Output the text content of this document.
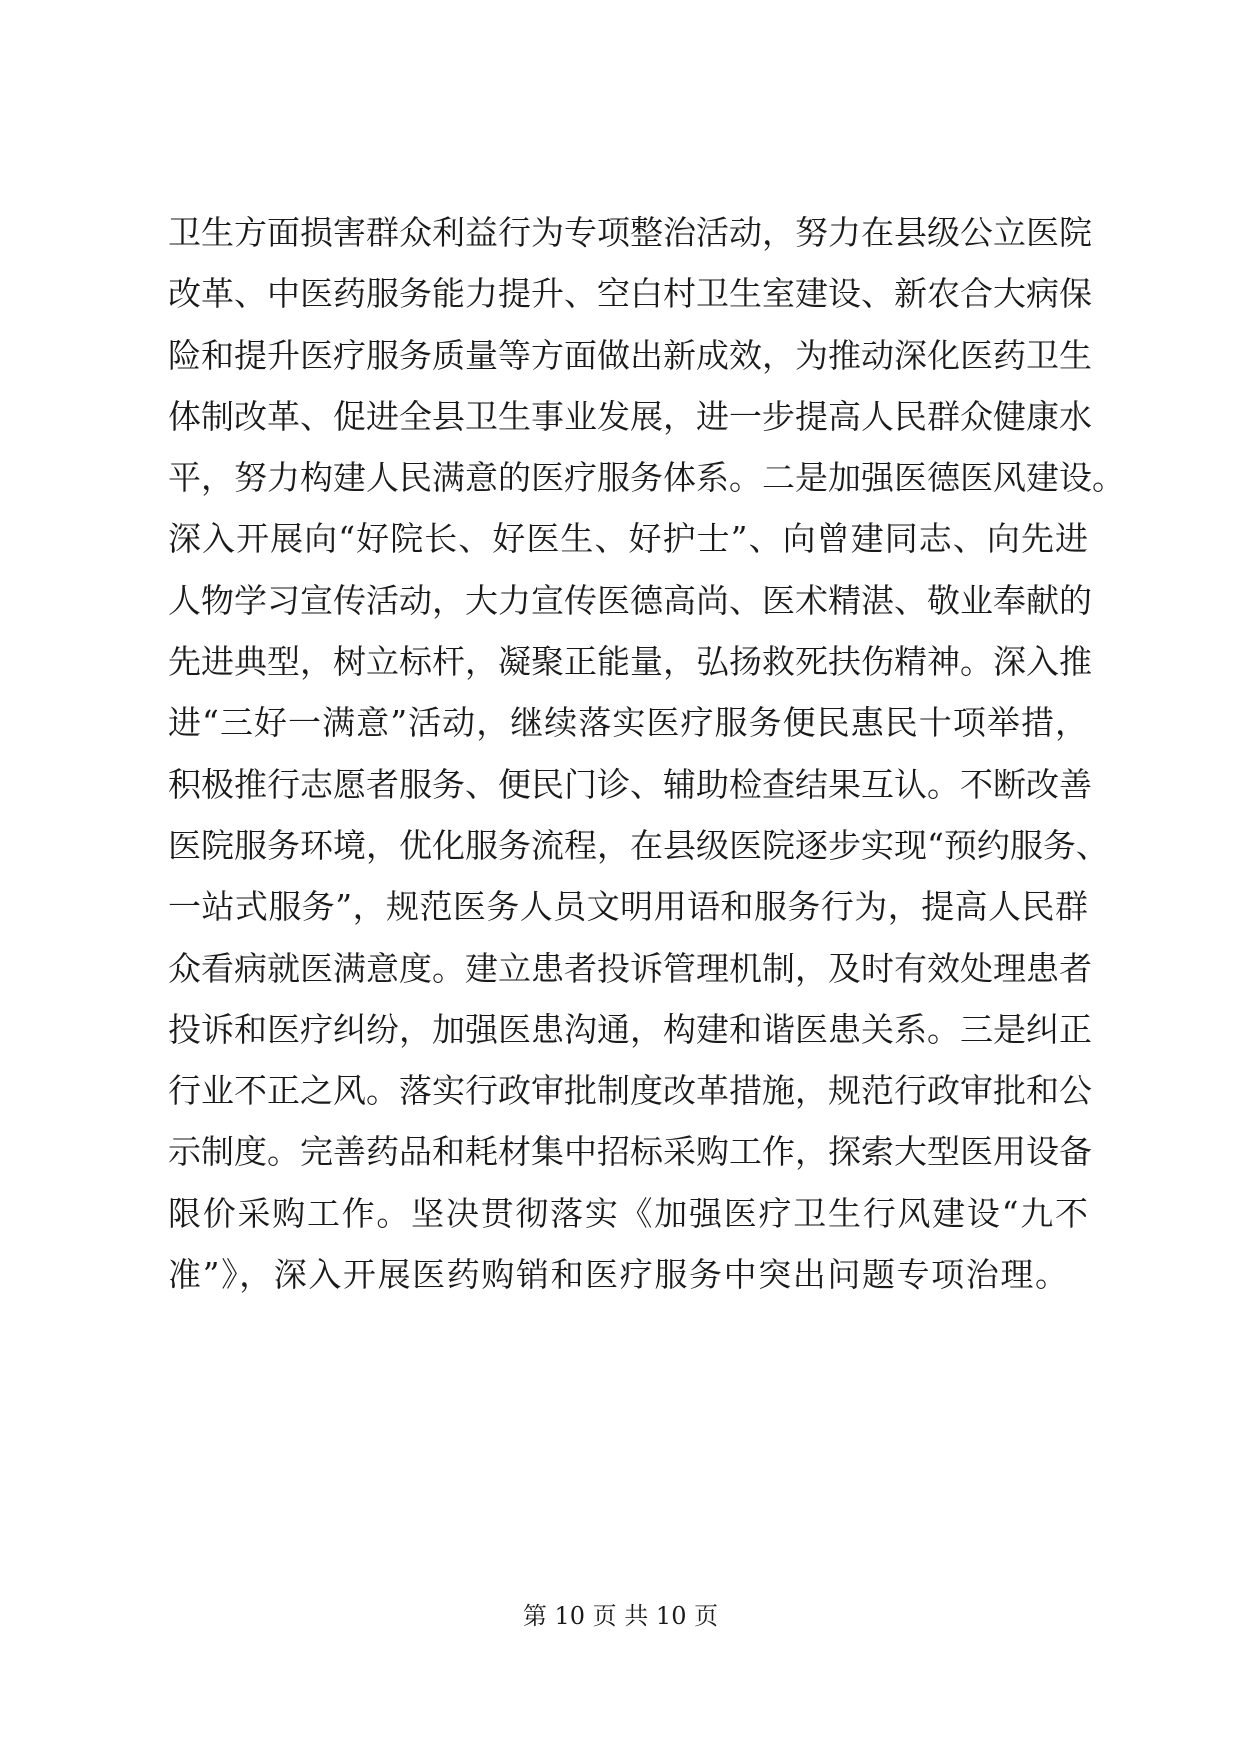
卫生方面损害群众利益行为专项整治活动，努力在县级公立医院
改革、中医药服务能力提升、空白村卫生室建设、新农合大病保
险和提升医疗服务质量等方面做出新成效，为推动深化医药卫生
体制改革、促进全县卫生事业发展，进一步提高人民群众健康水
平，努力构建人民满意的医疗服务体系。二是加强医德医风建设。
深入开展向“好院长、好医生、好护士”、向曾建同志、向先进
人物学习宣传活动，大力宣传医德高尚、医术精湛、敬业奉献的
先进典型，树立标杆，凝聚正能量，弘扬救死扶伤精神。深入推
进“三好一满意”活动，继续落实医疗服务便民惠民十项举措，
积极推行志愿者服务、便民门诊、辅助检查结果互认。不断改善
医院服务环境，优化服务流程，在县级医院逐步实现“预约服务、
一站式服务”，规范医务人员文明用语和服务行为，提高人民群
众看病就医满意度。建立患者投诉管理机制，及时有效处理患者
投诉和医疗纠纷，加强医患沟通，构建和谐医患关系。三是纠正
行业不正之风。落实行政审批制度改革措施，规范行政审批和公
示制度。完善药品和耗材集中招标采购工作，探索大型医用设备
限价采购工作。坚决贯彻落实《加强医疗卫生行风建设“九不
准”》，深入开展医药购销和医疗服务中突出问题专项治理。
第 10 页 共 10 页
